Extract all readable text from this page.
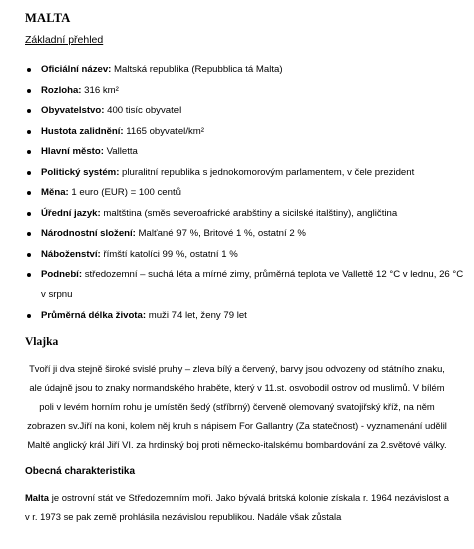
MALTA
Základní přehled
Oficiální název: Maltská republika (Repubblica tá Malta)
Rozloha: 316 km²
Obyvatelstvo: 400 tisíc obyvatel
Hustota zalidnění: 1165 obyvatel/km²
Hlavní město: Valletta
Politický systém: pluralitní republika s jednokomorovým parlamentem, v čele prezident
Měna: 1 euro (EUR) = 100 centů
Úřední jazyk: maltština (směs severoafrické arabštiny a sicilské italštiny), angličtina
Národnostní složení: Malťané 97 %, Britové 1 %, ostatní 2 %
Náboženství: římští katolíci 99 %, ostatní 1 %
Podnebí: středozemní – suchá léta a mírné zimy, průměrná teplota ve Vallettě 12 °C v lednu, 26 °C v srpnu
Průměrná délka života: muži 74 let, ženy 79 let
Vlajka

Tvoří ji dva stejně široké svislé pruhy – zleva bílý a červený, barvy jsou odvozeny od státního znaku, ale údajně jsou to znaky normandského hraběte, který v 11.st. osvobodil ostrov od muslimů. V bílém poli v levém horním rohu je umístěn šedý (stříbrný) červeně olemovaný svatojiřský kříž, na něm zobrazen sv.Jiří na koni, kolem něj kruh s nápisem For Gallantry (Za statečnost) - vyznamenání udělil Maltě anglický král Jiří VI. za hrdinský boj proti německo-italskému bombardování za 2.světové války.

Obecná charakteristika

Malta je ostrovní stát ve Středozemním moři. Jako bývalá britská kolonie získala r. 1964 nezávislost a v r. 1973 se pak země prohlásila nezávislou republikou. Nadále však zůstala
